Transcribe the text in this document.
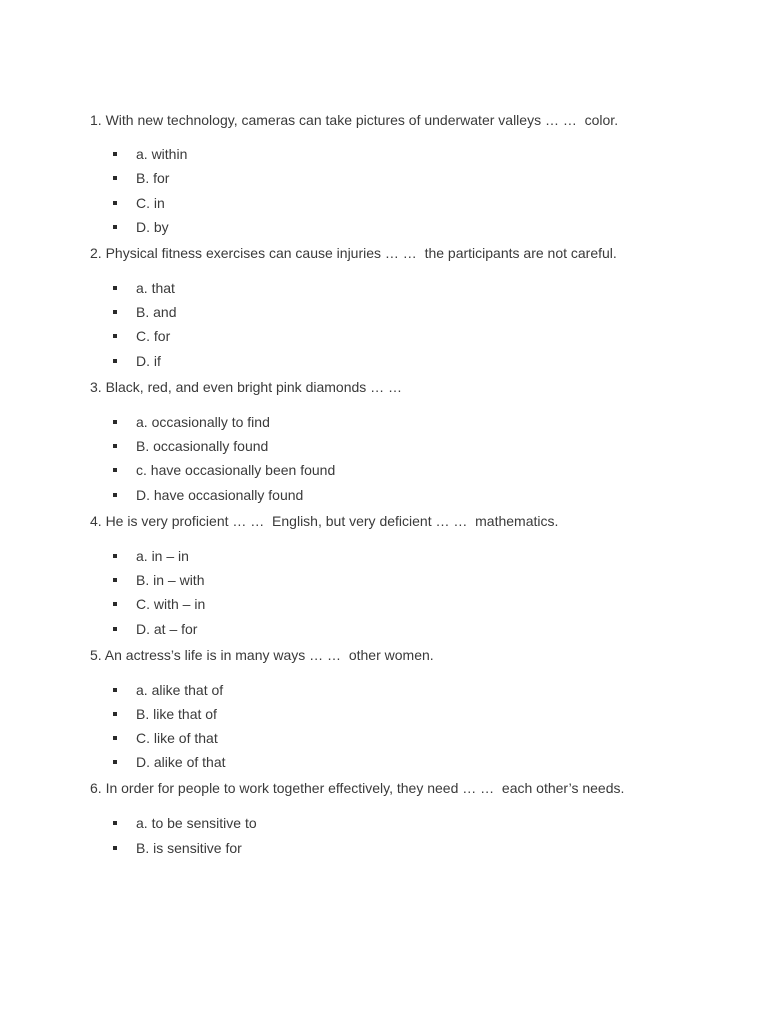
1. With new technology, cameras can take pictures of underwater valleys … …  color.

a. within
B. for
C. in
D. by

2. Physical fitness exercises can cause injuries … …  the participants are not careful.

a. that
B. and
C. for
D. if

3. Black, red, and even bright pink diamonds … …

a. occasionally to find
B. occasionally found
c. have occasionally been found
D. have occasionally found

4. He is very proficient … …  English, but very deficient … …  mathematics.

a. in – in
B. in – with
C. with – in
D. at – for

5. An actress’s life is in many ways … …  other women.

a. alike that of
B. like that of
C. like of that
D. alike of that

6. In order for people to work together effectively, they need … …  each other’s needs.

a. to be sensitive to
B. is sensitive for
